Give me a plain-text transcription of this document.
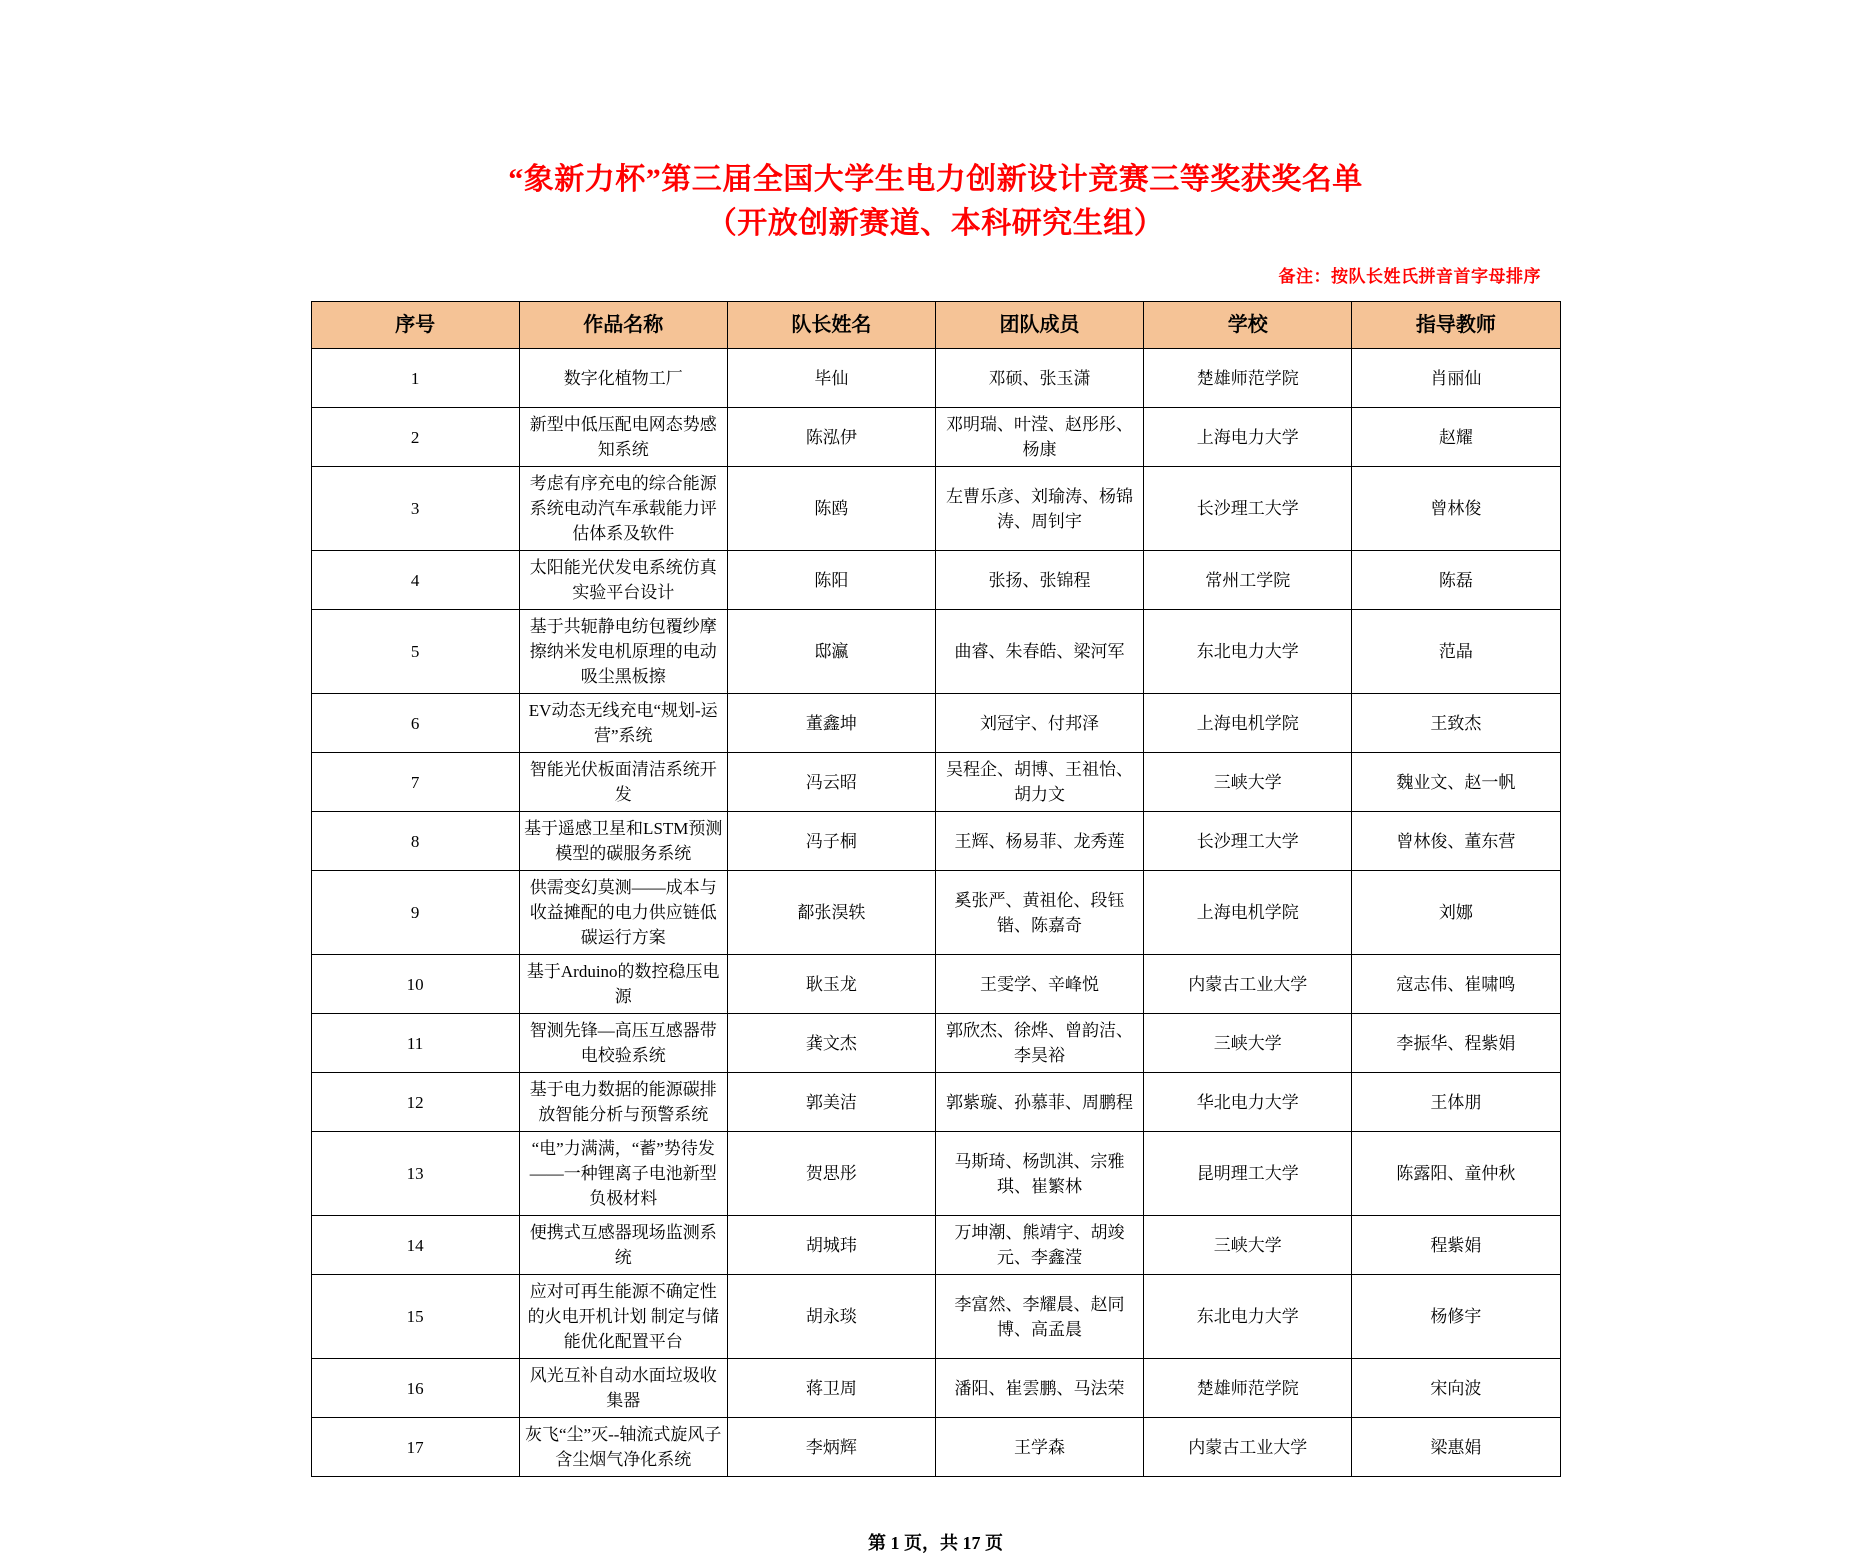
“象新力杯”第三届全国大学生电力创新设计竞赛三等奖获奖名单
（开放创新赛道、本科研究生组）
备注：按队长姓氏拼音首字母排序
序号	作品名称	队长姓名	团队成员	学校	指导教师
1	数字化植物工厂	毕仙	邓硕、张玉潇	楚雄师范学院	肖丽仙
2	新型中低压配电网态势感知系统	陈泓伊	邓明瑞、叶滢、赵彤彤、杨康	上海电力大学	赵耀
3	考虑有序充电的综合能源系统电动汽车承载能力评估体系及软件	陈鸥	左曹乐彦、刘瑜涛、杨锦涛、周钊宇	长沙理工大学	曾林俊
4	太阳能光伏发电系统仿真实验平台设计	陈阳	张扬、张锦程	常州工学院	陈磊
5	基于共轭静电纺包覆纱摩擦纳米发电机原理的电动吸尘黑板擦	邸瀛	曲睿、朱春皓、梁河军	东北电力大学	范晶
6	EV动态无线充电“规划-运营”系统	董鑫坤	刘冠宇、付邦泽	上海电机学院	王致杰
7	智能光伏板面清洁系统开发	冯云昭	吴程企、胡博、王祖怡、胡力文	三峡大学	魏业文、赵一帆
8	基于遥感卫星和LSTM预测模型的碳服务系统	冯子桐	王辉、杨易菲、龙秀莲	长沙理工大学	曾林俊、董东营
9	供需变幻莫测——成本与收益摊配的电力供应链低碳运行方案	鄐张淏轶	奚张严、黄祖伦、段钰锴、陈嘉奇	上海电机学院	刘娜
10	基于Arduino的数控稳压电源	耿玉龙	王雯学、辛峰悦	内蒙古工业大学	寇志伟、崔啸鸣
11	智测先锋—高压互感器带电校验系统	龚文杰	郭欣杰、徐烨、曾韵洁、李昊裕	三峡大学	李振华、程紫娟
12	基于电力数据的能源碳排放智能分析与预警系统	郭美洁	郭紫璇、孙慕菲、周鹏程	华北电力大学	王体朋
13	“电”力满满，“蓄”势待发——一种锂离子电池新型负极材料	贺思彤	马斯琦、杨凯淇、宗雅琪、崔繁林	昆明理工大学	陈露阳、童仲秋
14	便携式互感器现场监测系统	胡城玮	万坤潮、熊靖宇、胡竣元、李鑫滢	三峡大学	程紫娟
15	应对可再生能源不确定性的火电开机计划 制定与储能优化配置平台	胡永琰	李富然、李耀晨、赵同博、高孟晨	东北电力大学	杨修宇
16	风光互补自动水面垃圾收集器	蒋卫周	潘阳、崔雲鹏、马法荣	楚雄师范学院	宋向波
17	灰飞“尘”灭--轴流式旋风子含尘烟气净化系统	李炳辉	王学森	内蒙古工业大学	梁惠娟
第 1 页，共 17 页
